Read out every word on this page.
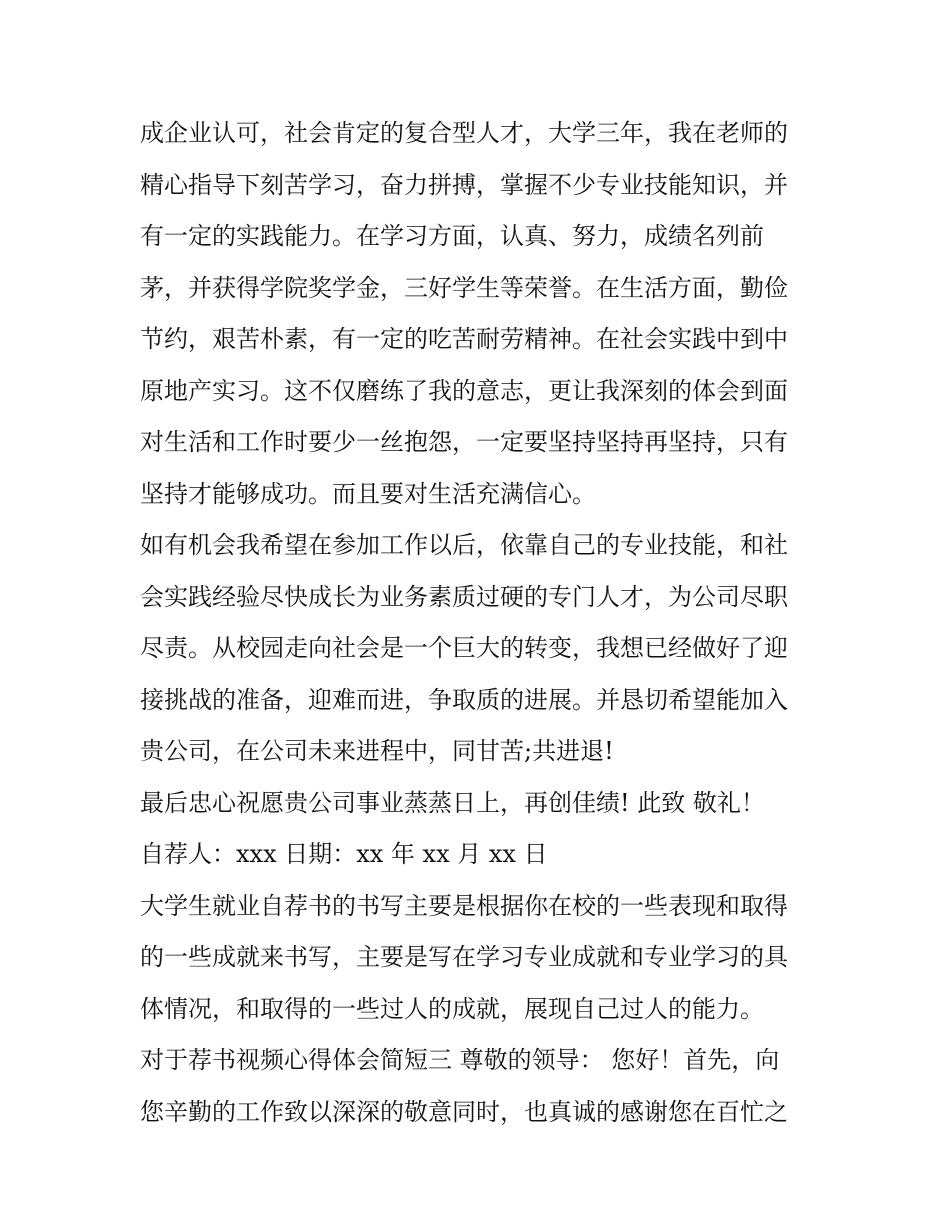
成企业认可，社会肯定的复合型人才，大学三年，我在老师的
精心指导下刻苦学习，奋力拼搏，掌握不少专业技能知识，并
有一定的实践能力。在学习方面，认真、努力，成绩名列前
茅，并获得学院奖学金，三好学生等荣誉。在生活方面，勤俭
节约，艰苦朴素，有一定的吃苦耐劳精神。在社会实践中到中
原地产实习。这不仅磨练了我的意志，更让我深刻的体会到面
对生活和工作时要少一丝抱怨，一定要坚持坚持再坚持，只有
坚持才能够成功。而且要对生活充满信心。
如有机会我希望在参加工作以后，依靠自己的专业技能，和社
会实践经验尽快成长为业务素质过硬的专门人才，为公司尽职
尽责。从校园走向社会是一个巨大的转变，我想已经做好了迎
接挑战的准备，迎难而进，争取质的进展。并恳切希望能加入
贵公司，在公司未来进程中，同甘苦;共进退!
最后忠心祝愿贵公司事业蒸蒸日上，再创佳绩! 此致 敬礼！
自荐人：xxx 日期：xx 年 xx 月 xx 日
大学生就业自荐书的书写主要是根据你在校的一些表现和取得
的一些成就来书写，主要是写在学习专业成就和专业学习的具
体情况，和取得的一些过人的成就，展现自己过人的能力。
对于荐书视频心得体会简短三 尊敬的领导： 您好！首先，向
您辛勤的工作致以深深的敬意同时，也真诚的感谢您在百忙之
